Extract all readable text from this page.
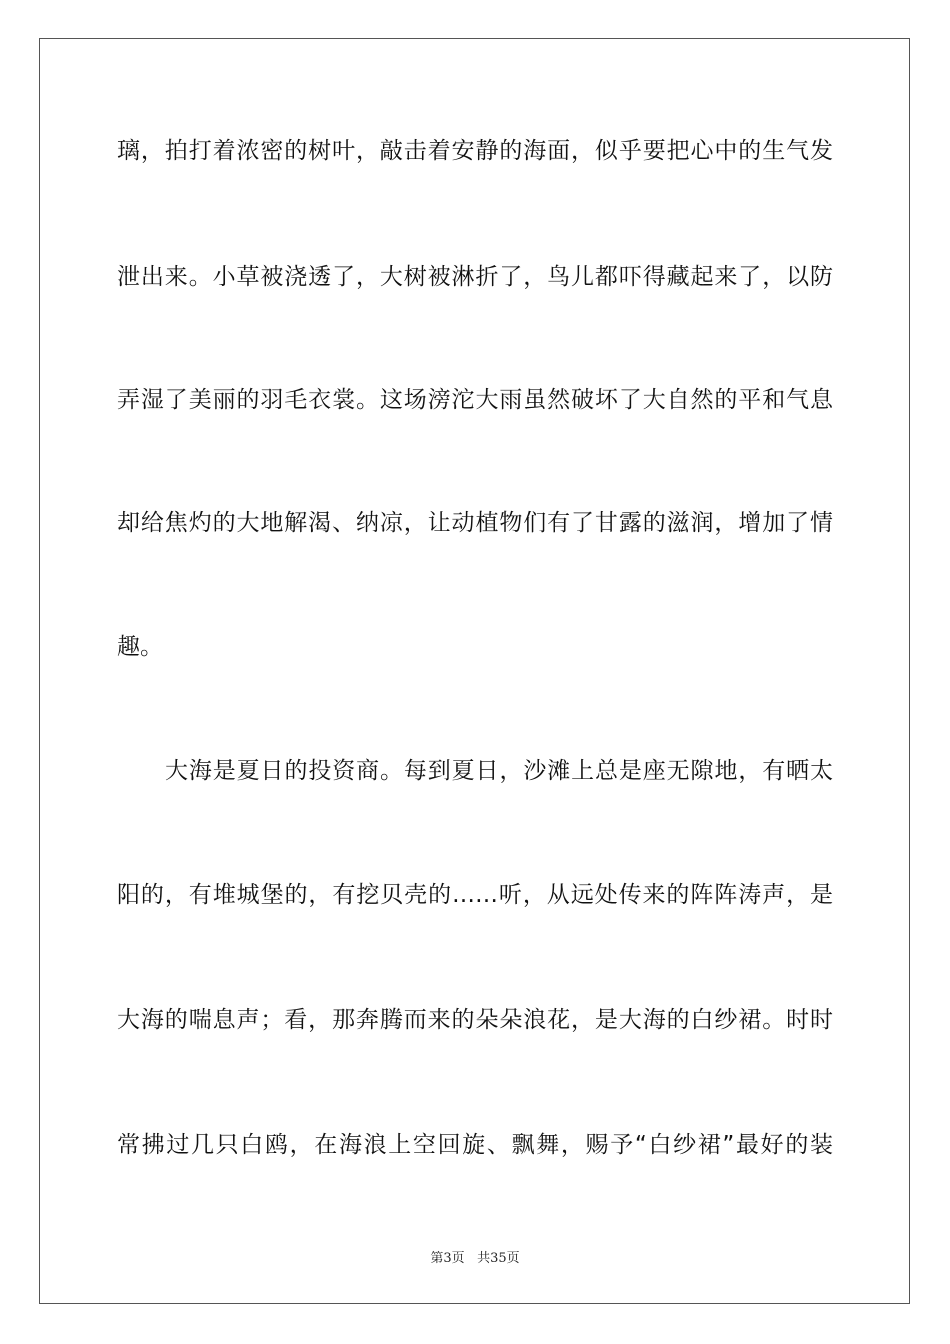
璃，拍打着浓密的树叶，敲击着安静的海面，似乎要把心中的生气发
泄出来。小草被浇透了，大树被淋折了，鸟儿都吓得藏起来了，以防
弄湿了美丽的羽毛衣裳。这场滂沱大雨虽然破坏了大自然的平和气息
却给焦灼的大地解渴、纳凉，让动植物们有了甘露的滋润，增加了情
趣。
大海是夏日的投资商。每到夏日，沙滩上总是座无隙地，有晒太
阳的，有堆城堡的，有挖贝壳的……听，从远处传来的阵阵涛声，是
大海的喘息声；看，那奔腾而来的朵朵浪花，是大海的白纱裙。时时
常拂过几只白鸥，在海浪上空回旋、飘舞，赐予“白纱裙”最好的装
第3页 共35页
